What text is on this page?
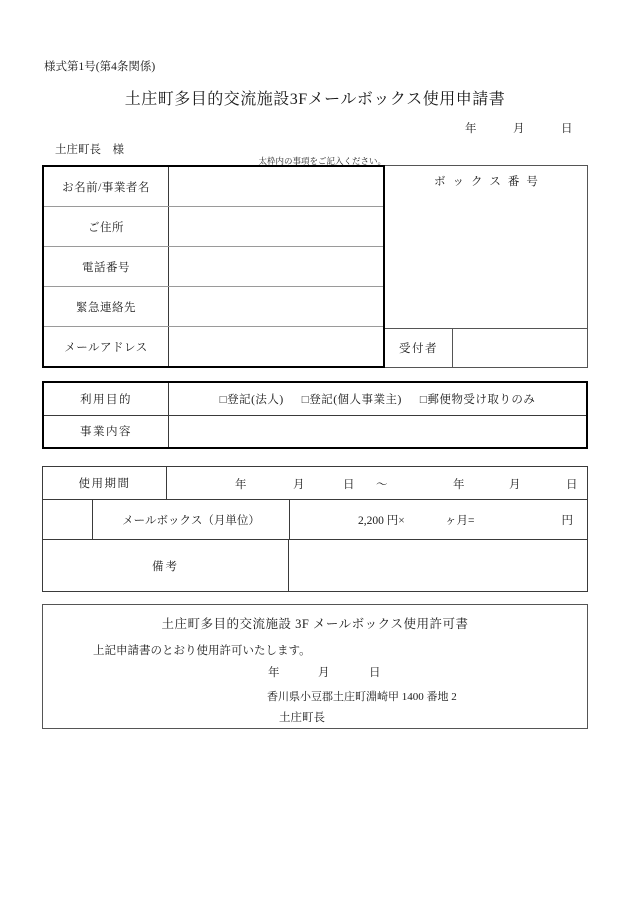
様式第1号(第4条関係)
土庄町多目的交流施設3Fメールボックス使用申請書
年	月	日
土庄町長　様
太枠内の事項をご記入ください。
お名前/事業者名
ご住所
電話番号
緊急連絡先
メールアドレス
ボックス番号
受付者
利用目的	□登記(法人) □登記(個人事業主) □郵便物受け取りのみ
事業内容
使用期間	年	月	日 ～	年	月	日
メールボックス（月単位）	2,200 円×	ヶ月=	円
備考
土庄町多目的交流施設 3F メールボックス使用許可書
上記申請書のとおり使用許可いたします。
年	月	日
香川県小豆郡土庄町淵崎甲 1400 番地 2
土庄町長
